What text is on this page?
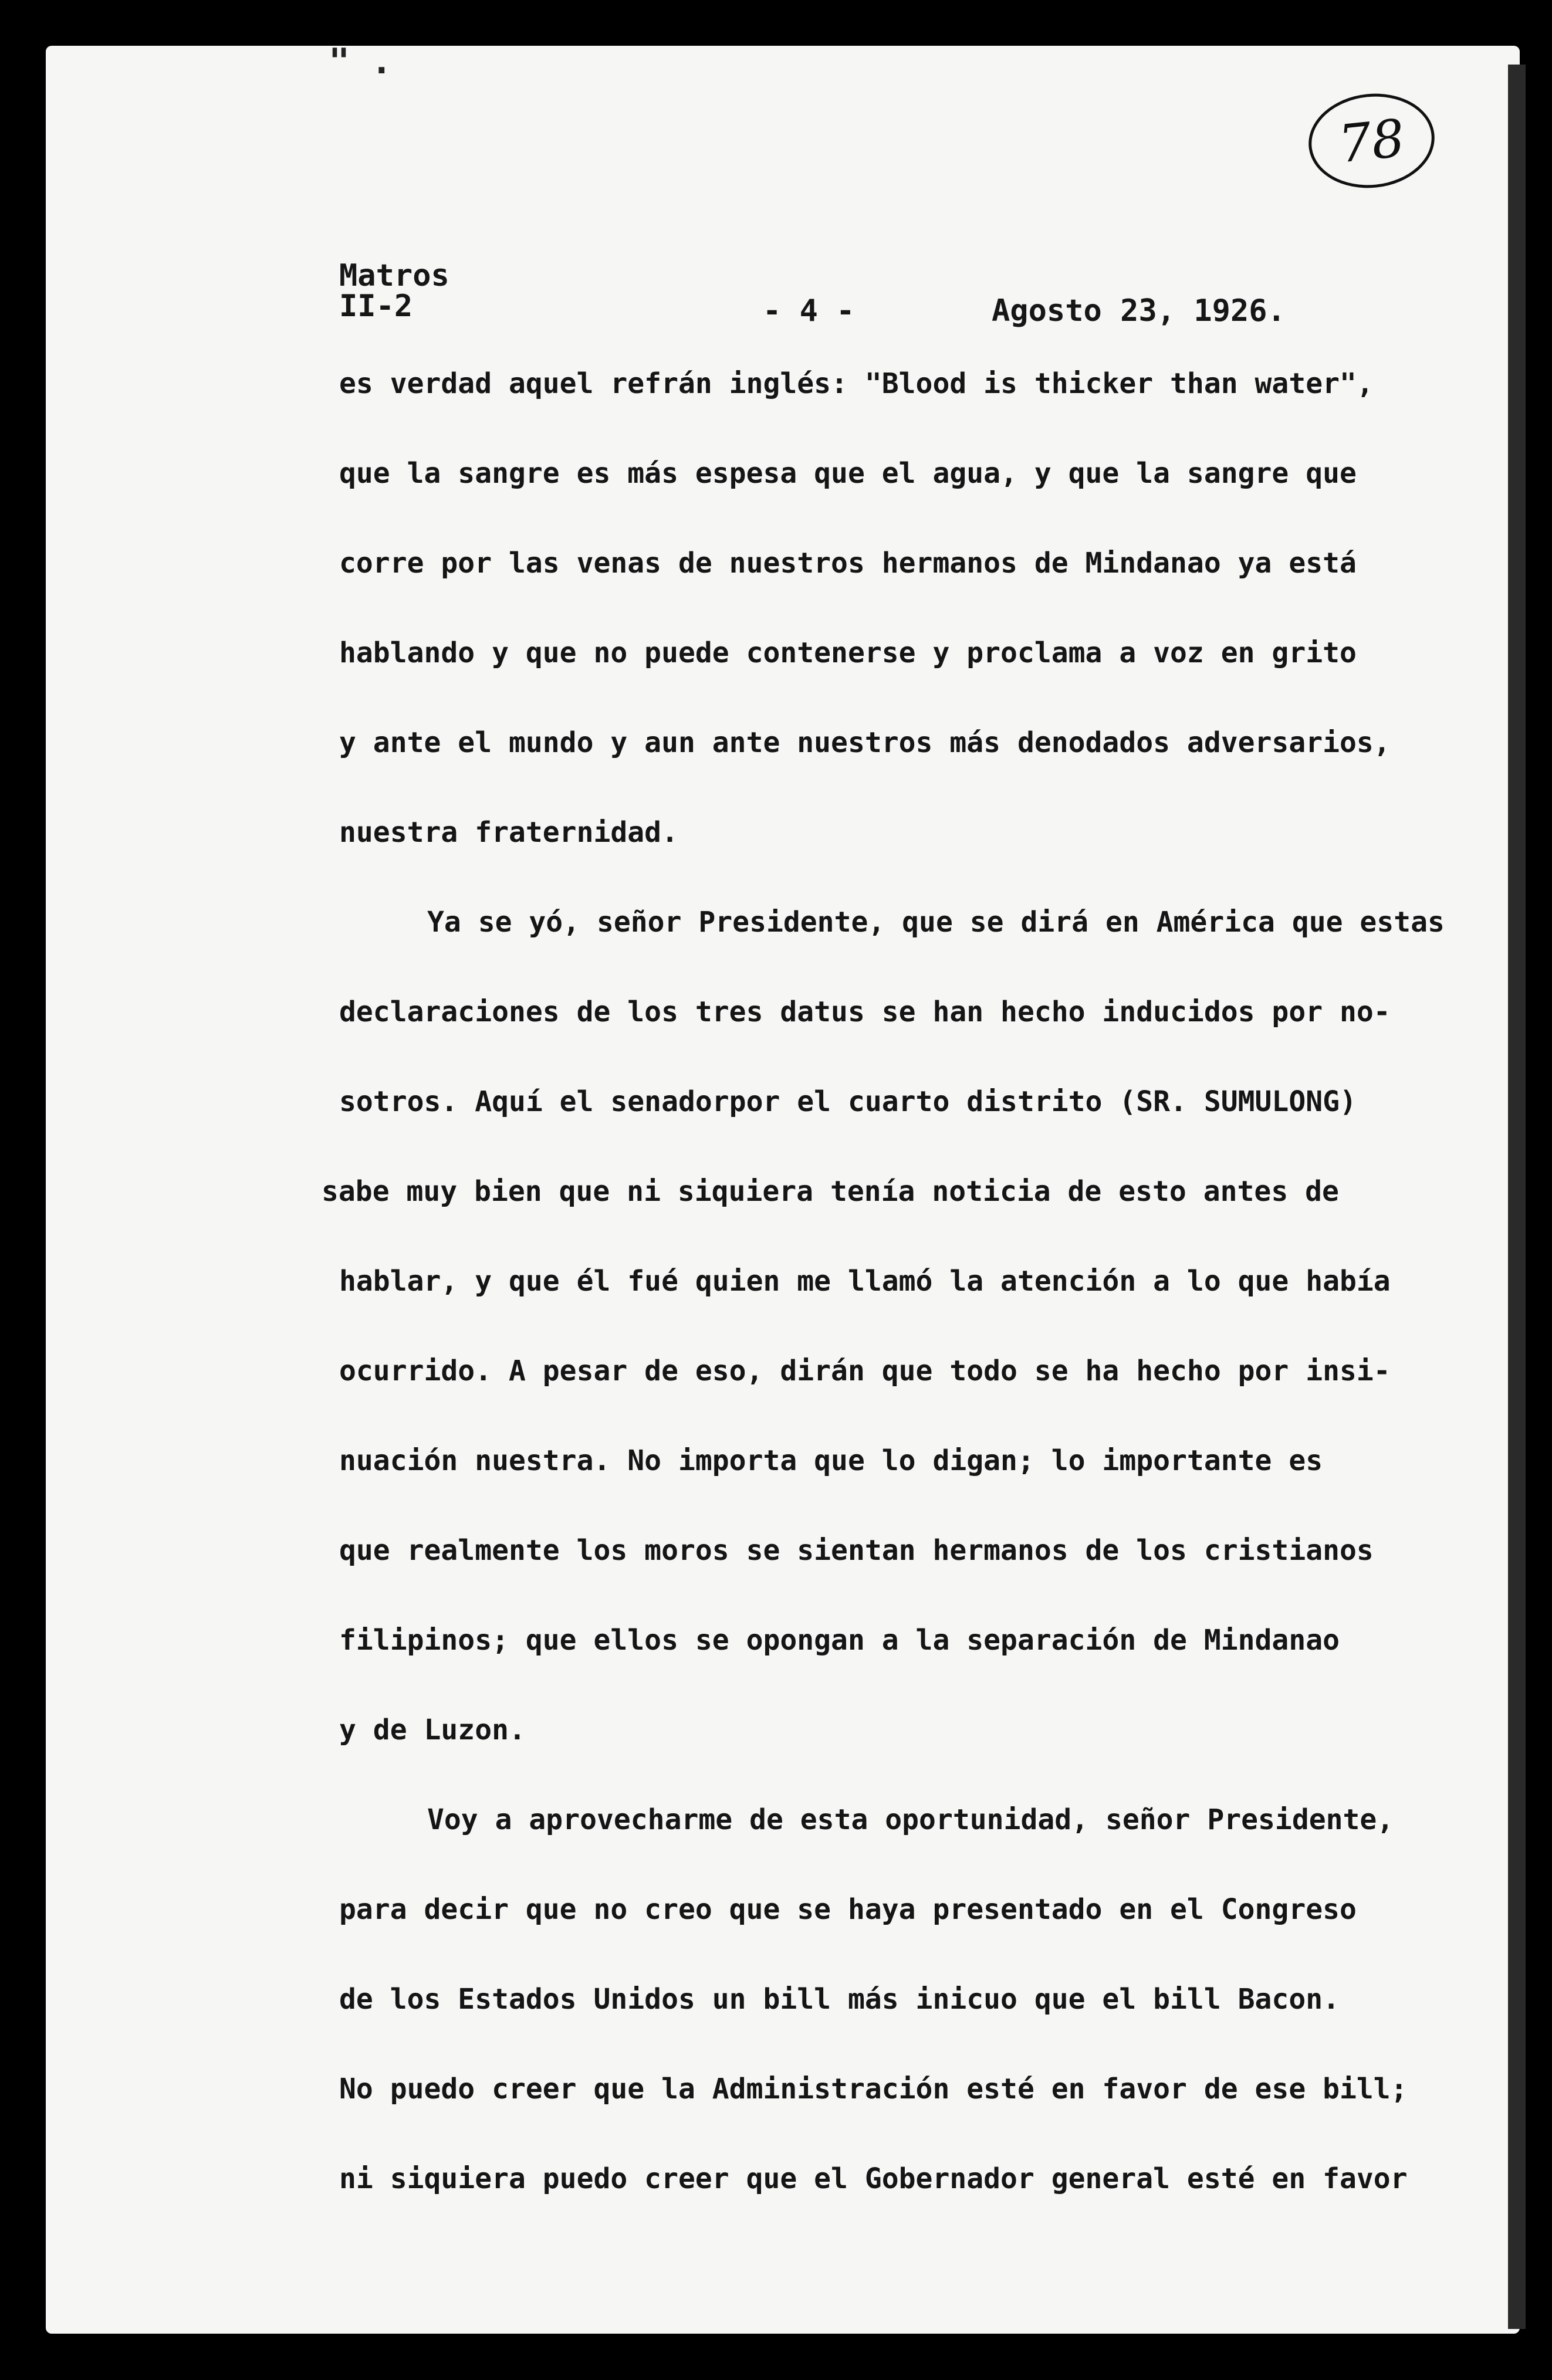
" .
78
Matros
II-2	- 4 -	Agosto 23, 1926.
es verdad aquel refrán inglés: "Blood is thicker than water",
que la sangre es más espesa que el agua, y que la sangre que
corre por las venas de nuestros hermanos de Mindanao ya está
hablando y que no puede contenerse y proclama a voz en grito
y ante el mundo y aun ante nuestros más denodados adversarios,
nuestra fraternidad.
Ya se yó, señor Presidente, que se dirá en América que estas
declaraciones de los tres datus se han hecho inducidos por no-
sotros. Aquí el senadorpor el cuarto distrito (SR. SUMULONG)
sabe muy bien que ni siquiera tenía noticia de esto antes de
hablar, y que él fué quien me llamó la atención a lo que había
ocurrido. A pesar de eso, dirán que todo se ha hecho por insi-
nuación nuestra. No importa que lo digan; lo importante es
que realmente los moros se sientan hermanos de los cristianos
filipinos; que ellos se opongan a la separación de Mindanao
y de Luzon.
Voy a aprovecharme de esta oportunidad, señor Presidente,
para decir que no creo que se haya presentado en el Congreso
de los Estados Unidos un bill más inicuo que el bill Bacon.
No puedo creer que la Administración esté en favor de ese bill;
ni siquiera puedo creer que el Gobernador general esté en favor
